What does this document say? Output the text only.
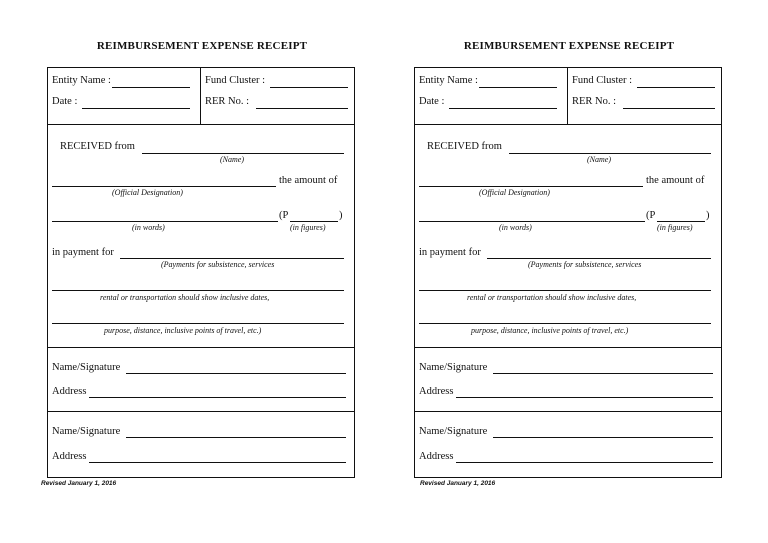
REIMBURSEMENT EXPENSE RECEIPT
Entity Name :
Date :
Fund Cluster :
RER No. :
RECEIVED from
(Name)
the amount of
(Official Designation)
(P	)
(in words)	(in figures)
in payment for
(Payments for subsistence, services
rental or transportation should show inclusive dates,
purpose, distance, inclusive points of travel, etc.)
Name/Signature
Address
Name/Signature
Address
Revised January 1, 2016
REIMBURSEMENT EXPENSE RECEIPT
Entity Name :
Date :
Fund Cluster :
RER No. :
RECEIVED from
(Name)
the amount of
(Official Designation)
(P	)
(in words)	(in figures)
in payment for
(Payments for subsistence, services
rental or transportation should show inclusive dates,
purpose, distance, inclusive points of travel, etc.)
Name/Signature
Address
Name/Signature
Address
Revised January 1, 2016
